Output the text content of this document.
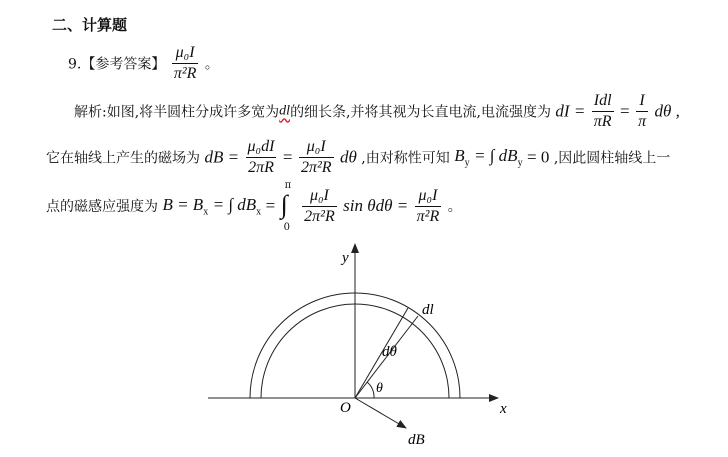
二、计算题
9.【参考答案】 $\frac{\text{μ₀I}}{\text{π²R}}$ 。
解析:如图,将半圆柱分成许多宽为dl的细长条,并将其视为长直电流,电流强度为 dI = $\frac{\text{Idl}}{\pi R} = \frac{I}{\pi}$ dθ ,
它在轴线上产生的磁场为 dB = $\frac{\text{μ₀dI}}{2\pi R} = \frac{\text{μ₀I}}{\text{2π²R}}$ dθ ,由对称性可知 $B_y$ = ∫ $dB_y = 0$ ,因此圆柱轴线上一
点的磁感应强度为 $B = B_x$ = ∫ $dB_x$ =
π
∫
0

$\frac{\text{μ₀I}}{\text{2π²R}}$ $\sin \theta d\theta = \frac{\text{μ₀I}}{\text{π²R}}$ 。
y
x
O
dl
dθ
θ
dB
